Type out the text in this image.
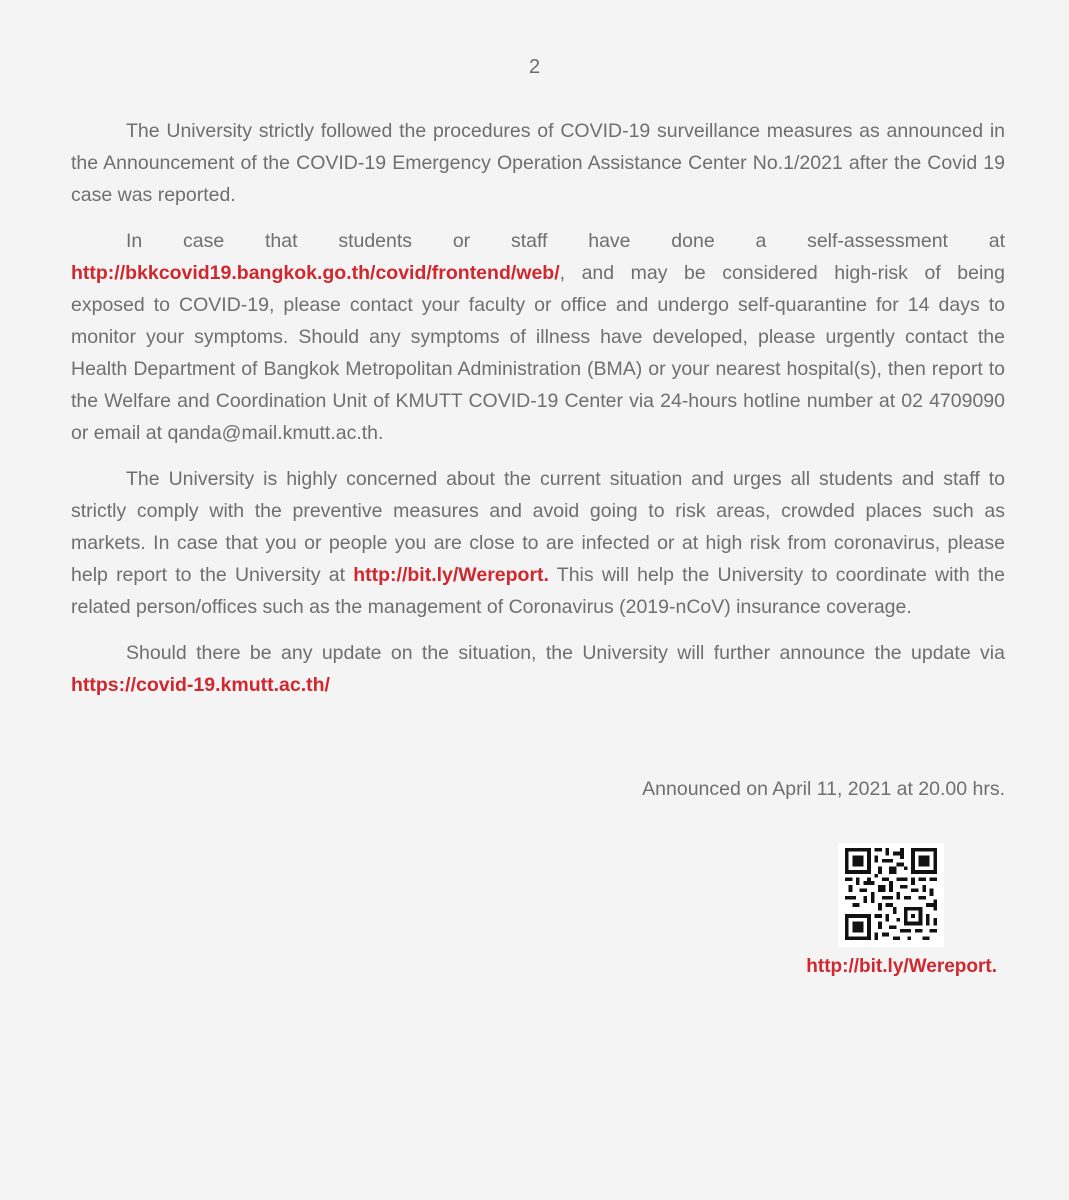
2

The University strictly followed the procedures of COVID-19 surveillance measures as announced in the Announcement of the COVID-19 Emergency Operation Assistance Center No.1/2021 after the Covid 19 case was reported.

In case that students or staff have done a self-assessment at http://bkkcovid19.bangkok.go.th/covid/frontend/web/, and may be considered high-risk of being exposed to COVID-19, please contact your faculty or office and undergo self-quarantine for 14 days to monitor your symptoms. Should any symptoms of illness have developed, please urgently contact the Health Department of Bangkok Metropolitan Administration (BMA) or your nearest hospital(s), then report to the Welfare and Coordination Unit of KMUTT COVID-19 Center via 24-hours hotline number at 02 4709090 or email at qanda@mail.kmutt.ac.th.

The University is highly concerned about the current situation and urges all students and staff to strictly comply with the preventive measures and avoid going to risk areas, crowded places such as markets. In case that you or people you are close to are infected or at high risk from coronavirus, please help report to the University at http://bit.ly/Wereport. This will help the University to coordinate with the related person/offices such as the management of Coronavirus (2019-nCoV) insurance coverage.

Should there be any update on the situation, the University will further announce the update via https://covid-19.kmutt.ac.th/

Announced on April 11, 2021 at 20.00 hrs.
http://bit.ly/Wereport.
